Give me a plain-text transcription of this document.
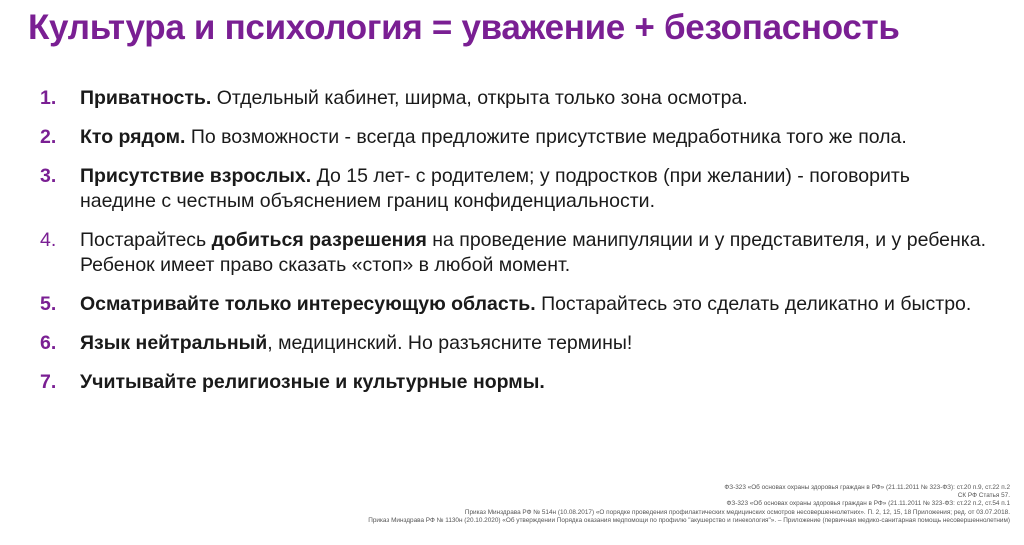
Культура и психология = уважение + безопасность
1.	Приватность. Отдельный кабинет, ширма, открыта только зона осмотра.
2.	Кто рядом. По возможности - всегда предложите присутствие медработника того же пола.
3.	Присутствие взрослых. До 15 лет- с родителем; у подростков (при желании) - поговорить наедине с честным объяснением границ конфиденциальности.
4.	Постарайтесь добиться разрешения на проведение манипуляции и у представителя, и у ребенка. Ребенок имеет право сказать «стоп» в любой момент.
5.	Осматривайте только интересующую область. Постарайтесь это сделать деликатно и быстро.
6.	Язык нейтральный, медицинский. Но разъясните термины!
7.	Учитывайте религиозные и культурные нормы.
ФЗ-323 «Об основах охраны здоровья граждан в РФ» (21.11.2011 № 323-ФЗ): ст.20 п.9, ст.22 п.2
СК РФ Статья 57.
ФЗ-323 «Об основах охраны здоровья граждан в РФ» (21.11.2011 № 323-ФЗ: ст.22 п.2, ст.54 п.1
Приказ Минздрава РФ № 514н (10.08.2017) «О порядке проведения профилактических медицинских осмотров несовершеннолетних». П. 2, 12, 15, 18 Приложения; ред. от 03.07.2018.
Приказ Минздрава РФ № 1130н (20.10.2020) «Об утверждении Порядка оказания медпомощи по профилю "акушерство и гинекология"». – Приложение (первичная медико-санитарная помощь несовершеннолетним)
